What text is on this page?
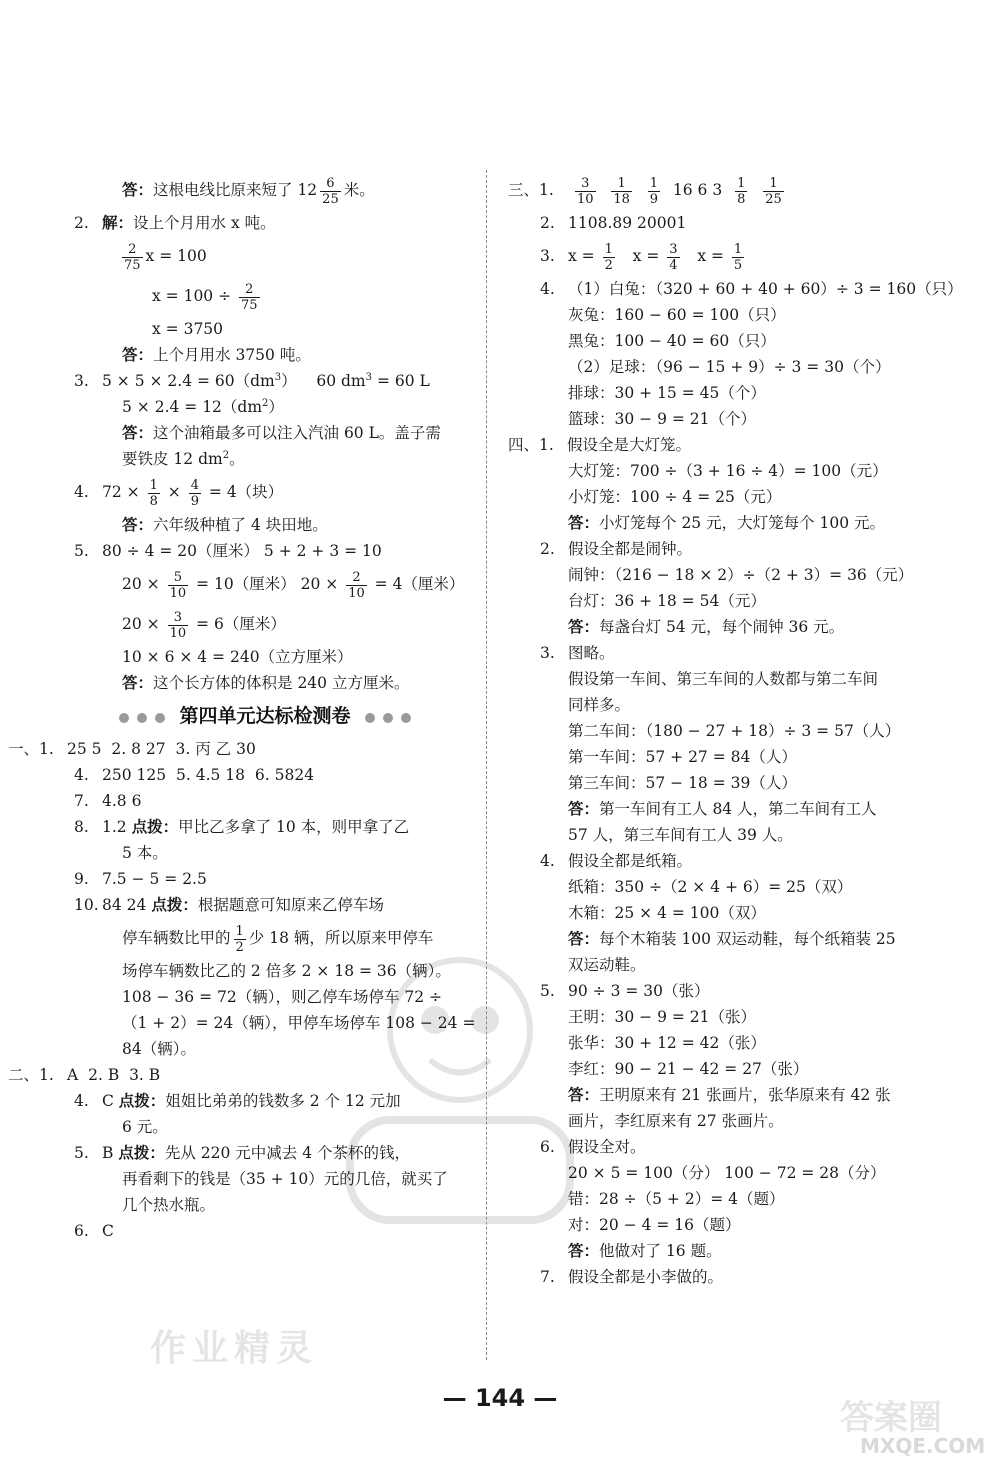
作业精灵
答案圈
MXQE.COM
答：这根电线比原来短了 $12 \frac{6}{25}$ 米。
2. 解：设上个月用水 x 吨。
$\frac{2}{75}$ x = 100
$x = 100 \div \frac{2}{75}$
x = 3750
答：上个月用水 3750 吨。
3. $5 \times 5 \times 2.4 = 60(dm^3)$ 60 $dm^3 = 60$ L
$5 \times 2.4 = 12(dm^2)$
答：这个油箱最多可以注入汽油 60 L。盖子需
要铁皮 12 $dm^2$。
4. $72 \times \frac{1}{8} \times \frac{4}{9} = 4$（块）
答：六年级种植了 4 块田地。
5. 80 ÷ 4 = 20（厘米） 5 + 2 + 3 = 10
$20 \times \frac{5}{10} = 10$（厘米） $20 \times \frac{2}{10} = 4$（厘米）
$20 \times \frac{3}{10} = 6$（厘米）
10 × 6 × 4 = 240（立方厘米）
答：这个长方体的体积是 240 立方厘米。
第四单元达标检测卷
一、1. 25 5 2. 8 27 3. 丙 乙 30
4. 250 125 5. 4.5 18 6. 5824
7. 4.8 6
8. 1.2 点拨：甲比乙多拿了 10 本，则甲拿了乙
5 本。
9. 7.5 − 5 = 2.5
10. 84 24 点拨：根据题意可知原来乙停车场
停车辆数比甲的 $\frac{1}{2}$ 少 18 辆，所以原来甲停车
场停车辆数比乙的 2 倍多 2 × 18 = 36（辆）。
108 − 36 = 72（辆），则乙停车场停车 72 ÷
（1 + 2）= 24（辆），甲停车场停车 108 − 24 =
84（辆）。
二、1. A 2. B 3. B
4. C 点拨：姐姐比弟弟的钱数多 2 个 12 元加
6 元。
5. B 点拨：先从 220 元中减去 4 个茶杯的钱，
再看剩下的钱是（35 + 10）元的几倍，就买了
几个热水瓶。
6. C
三、1. $\frac{3}{10}$
$\frac{1}{18}$
$\frac{1}{9} 16$ 6 $3 \frac{1}{8}$
$\frac{1}{25}$
2. 1108.89 20001
3. $x = \frac{1}{2}$ $x = \frac{3}{4}$ $x = \frac{1}{5}$
4. （1）白兔：（320 + 60 + 40 + 60）÷ 3 = 160（只）
灰兔：160 − 60 = 100（只）
黑兔：100 − 40 = 60（只）
（2）足球：（96 − 15 + 9）÷ 3 = 30（个）
排球：30 + 15 = 45（个）
篮球：30 − 9 = 21（个）
四、1. 假设全是大灯笼。
大灯笼：700 ÷（3 + 16 ÷ 4）= 100（元）
小灯笼：100 ÷ 4 = 25（元）
答：小灯笼每个 25 元，大灯笼每个 100 元。
2. 假设全都是闹钟。
闹钟：（216 − 18 × 2）÷（2 + 3）= 36（元）
台灯：36 + 18 = 54（元）
答：每盏台灯 54 元，每个闹钟 36 元。
3. 图略。
假设第一车间、第三车间的人数都与第二车间
同样多。
第二车间：（180 − 27 + 18）÷ 3 = 57（人）
第一车间：57 + 27 = 84（人）
第三车间：57 − 18 = 39（人）
答：第一车间有工人 84 人，第二车间有工人
57 人，第三车间有工人 39 人。
4. 假设全都是纸箱。
纸箱：350 ÷（2 × 4 + 6）= 25（双）
木箱：25 × 4 = 100（双）
答：每个木箱装 100 双运动鞋，每个纸箱装 25
双运动鞋。
5. 90 ÷ 3 = 30（张）
王明：30 − 9 = 21（张）
张华：30 + 12 = 42（张）
李红：90 − 21 − 42 = 27（张）
答：王明原来有 21 张画片，张华原来有 42 张
画片，李红原来有 27 张画片。
6. 假设全对。
20 × 5 = 100（分） 100 − 72 = 28（分）
错：28 ÷（5 + 2）= 4（题）
对：20 − 4 = 16（题）
答：他做对了 16 题。
7. 假设全都是小李做的。
— 144 —
